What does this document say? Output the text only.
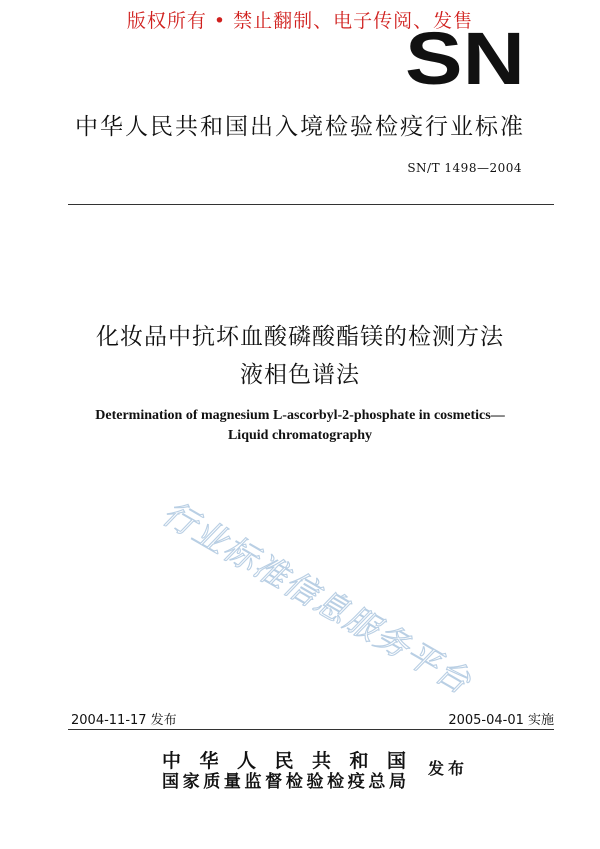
版权所有 • 禁止翻制、电子传阅、发售
SN
中华人民共和国出入境检验检疫行业标准
SN/T 1498—2004
化妆品中抗坏血酸磷酸酯镁的检测方法
液相色谱法
Determination of magnesium L-ascorbyl-2-phosphate in cosmetics—
Liquid chromatography
行业标准信息服务平台
2004-11-17 发布	2005-04-01 实施
中华人民共和国
国家质量监督检验检疫总局
发布
